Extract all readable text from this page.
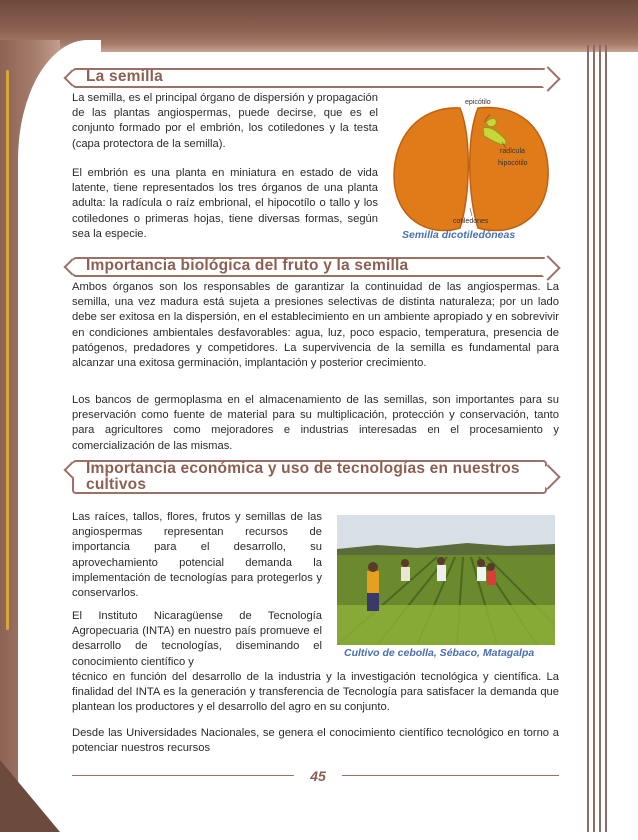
La semilla
La semilla, es el principal órgano de dispersión y propagación de las plantas angiospermas, puede decirse, que es el conjunto formado por el embrión, los cotiledones y la testa (capa protectora de la semilla).
El embrión es una planta en miniatura en estado de vida latente, tiene representados los tres órganos de una planta adulta: la radícula o raíz embrional, el hipocotílo o tallo y los cotiledones o primeras hojas, tiene diversas formas, según sea la especie.
epicótilo
radícula
hipocótilo
cotiledones
Semilla dicotiledóneas
Importancia biológica del fruto y la semilla
Ambos órganos son los responsables de garantizar la continuidad de las angiospermas. La semilla, una vez madura está sujeta a presiones selectivas de distinta naturaleza; por un lado debe ser exitosa en la dispersión, en el establecimiento en un ambiente apropiado y en sobrevivir en condiciones ambientales desfavorables: agua, luz, poco espacio, temperatura, presencia de patógenos, predadores y competidores. La supervivencia de la semilla es fundamental para alcanzar una exitosa germinación, implantación y posterior crecimiento.
Los bancos de germoplasma en el almacenamiento de las semillas, son importantes para su preservación como fuente de material para su multiplicación, protección y conservación, tanto para agricultores como mejoradores e industrias interesadas en el procesamiento y comercialización de las mismas.
Importancia económica y uso de tecnologías en nuestros
cultivos
Las raíces, tallos, flores, frutos y semillas de las angiospermas representan recursos de importancia para el desarrollo, su aprovechamiento potencial demanda la implementación de tecnologías para protegerlos y conservarlos.
El Instituto Nicaragüense de Tecnología Agropecuaria (INTA) en nuestro país promueve el desarrollo de tecnologías, diseminando el conocimiento científico y
técnico en función del desarrollo de la industria y la investigación tecnológica y científica. La finalidad del INTA es la generación y transferencia de Tecnología para satisfacer la demanda que plantean los productores y el desarrollo del agro en su conjunto.
Desde las Universidades Nacionales, se genera el conocimiento científico tecnológico en torno a potenciar nuestros recursos
Cultivo de cebolla, Sébaco, Matagalpa
45
